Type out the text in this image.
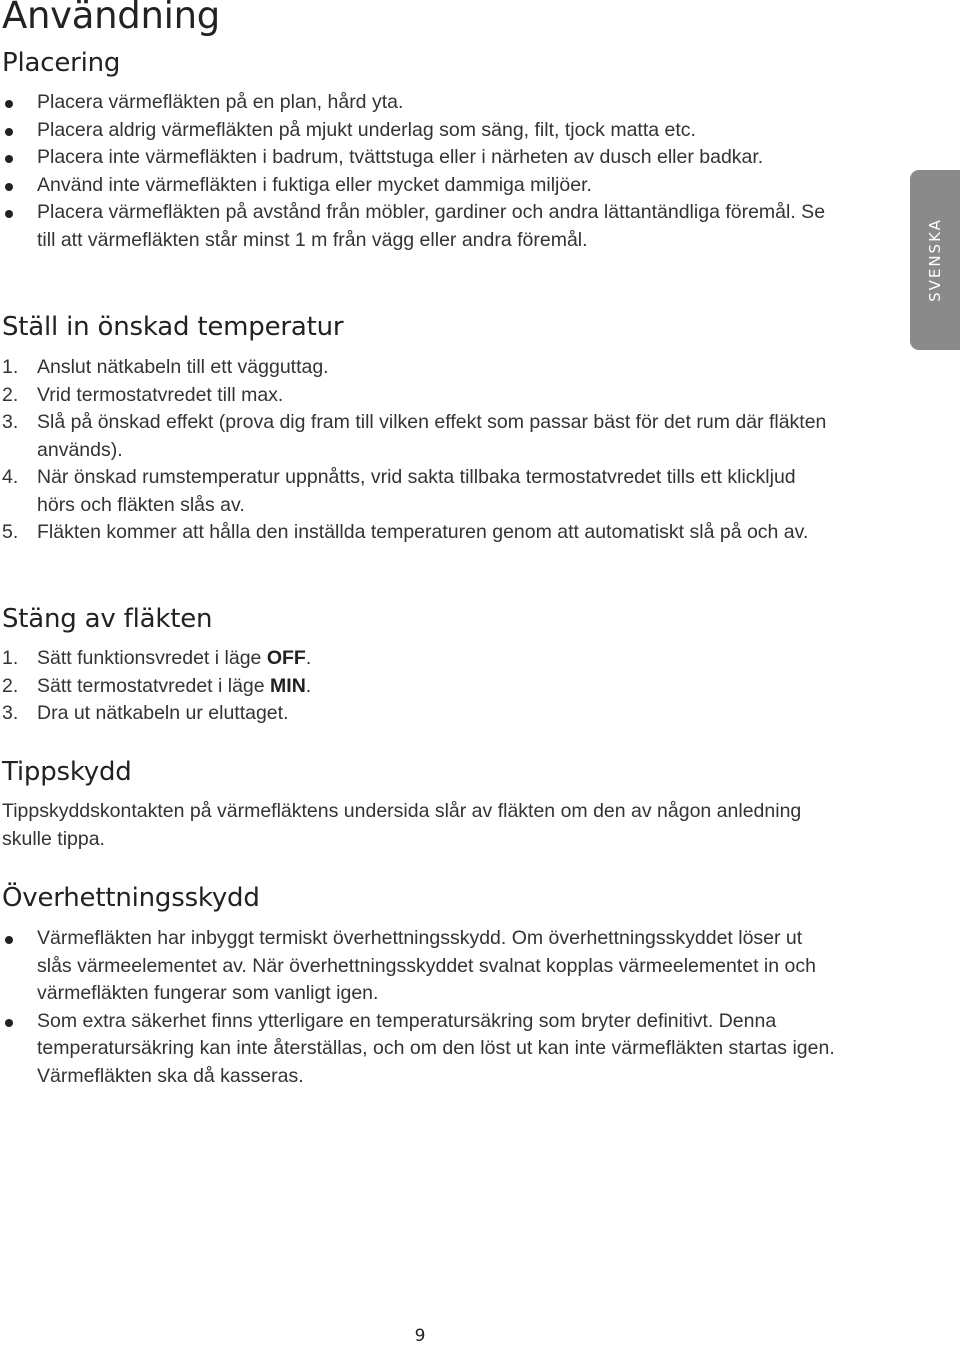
Användning
Placering
Placera värmefläkten på en plan, hård yta.
Placera aldrig värmefläkten på mjukt underlag som säng, filt, tjock matta etc.
Placera inte värmefläkten i badrum, tvättstuga eller i närheten av dusch eller badkar.
Använd inte värmefläkten i fuktiga eller mycket dammiga miljöer.
Placera värmefläkten på avstånd från möbler, gardiner och andra lättantändliga föremål. Se till att värmefläkten står minst 1 m från vägg eller andra föremål.
Ställ in önskad temperatur
1. Anslut nätkabeln till ett vägguttag.
2. Vrid termostatvredet till max.
3. Slå på önskad effekt (prova dig fram till vilken effekt som passar bäst för det rum där fläkten används).
4. När önskad rumstemperatur uppnåtts, vrid sakta tillbaka termostatvredet tills ett klickljud hörs och fläkten slås av.
5. Fläkten kommer att hålla den inställda temperaturen genom att automatiskt slå på och av.
Stäng av fläkten
1. Sätt funktionsvredet i läge OFF.
2. Sätt termostatvredet i läge MIN.
3. Dra ut nätkabeln ur eluttaget.
Tippskydd

Tippskyddskontakten på värmefläktens undersida slår av fläkten om den av någon anledning skulle tippa.

Överhettningsskydd
Värmefläkten har inbyggt termiskt överhettningsskydd. Om överhettningsskyddet löser ut slås värmeelementet av. När överhettningsskyddet svalnat kopplas värmeelementet in och värmefläkten fungerar som vanligt igen.
Som extra säkerhet finns ytterligare en temperatursäkring som bryter definitivt. Denna temperatursäkring kan inte återställas, och om den löst ut kan inte värmefläkten startas igen. Värmefläkten ska då kasseras.
SVENSKA
9
